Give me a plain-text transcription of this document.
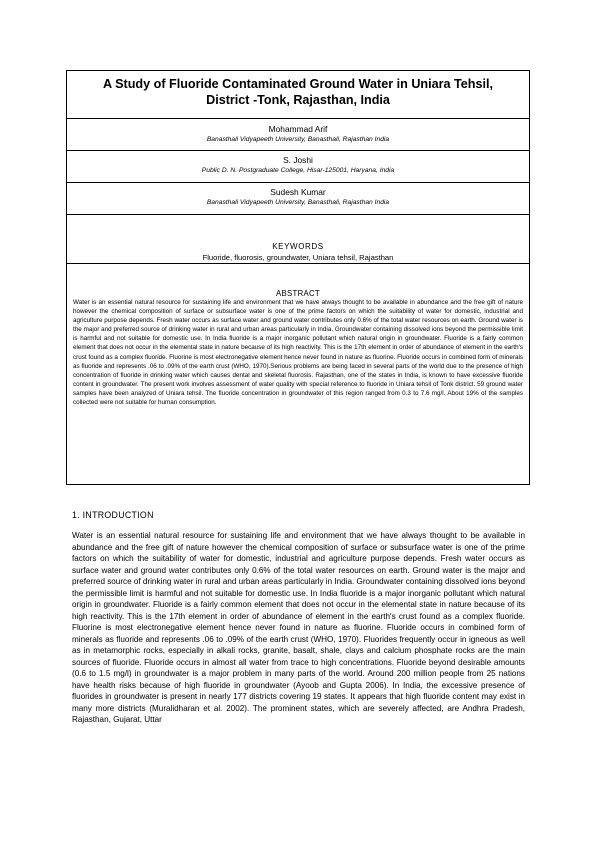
A Study of Fluoride Contaminated Ground Water in Uniara Tehsil,
District -Tonk, Rajasthan, India
Mohammad Arif
Banasthali Vidyapeeth University, Banasthali, Rajasthan India
S. Joshi
Public D. N. Postgraduate College, Hisar-125001, Haryana, India
Sudesh Kumar
Banasthali Vidyapeeth University, Banasthali, Rajasthan India
KEYWORDS
Fluoride, fluorosis, groundwater, Uniara tehsil, Rajasthan
ABSTRACT

Water is an essential natural resource for sustaining life and environment that we have always thought to be available in abundance and the free gift of nature however the chemical composition of surface or subsurface water is one of the prime factors on which the suitability of water for domestic, industrial and agriculture purpose depends. Fresh water occurs as surface water and ground water contributes only 0.6% of the total water resources on earth. Ground water is the major and preferred source of drinking water in rural and urban areas particularly in India. Groundwater containing dissolved ions beyond the permissible limit is harmful and not suitable for domestic use. In India fluoride is a major inorganic pollutant which natural origin in groundwater. Fluoride is a fairly common element that does not occur in the elemental state in nature because of its high reactivity. This is the 17th element in order of abundance of element in the earth's crust found as a complex fluoride. Fluorine is most electronegative element hence never found in nature as fluorine. Fluoride occurs in combined form of minerals as fluoride and represents .06 to .09% of the earth crust (WHO, 1970).Serious problems are being faced in several parts of the world due to the presence of high concentration of fluoride in drinking water which causes dental and skeletal fluorosis. Rajasthan, one of the states in India, is known to have excessive fluoride content in groundwater. The present work involves assessment of water quality with special reference to fluoride in Uniara tehsil of Tonk district. 59 ground water samples have been analyzed of Uniara tehsil. The fluoride concentration in groundwater of this region ranged from 0.3 to 7.6 mg/l. About 19% of the samples collected were not suitable for human consumption.

1. INTRODUCTION

Water is an essential natural resource for sustaining life and environment that we have always thought to be available in abundance and the free gift of nature however the chemical composition of surface or subsurface water is one of the prime factors on which the suitability of water for domestic, industrial and agriculture purpose depends. Fresh water occurs as surface water and ground water contributes only 0.6% of the total water resources on earth. Ground water is the major and preferred source of drinking water in rural and urban areas particularly in India. Groundwater containing dissolved ions beyond the permissible limit is harmful and not suitable for domestic use. In India fluoride is a major inorganic pollutant which natural origin in groundwater. Fluoride is a fairly common element that does not occur in the elemental state in nature because of its high reactivity. This is the 17th element in order of abundance of element in the earth's crust found as a complex fluoride. Fluorine is most electronegative element hence never found in nature as fluorine. Fluoride occurs in combined form of minerals as fluoride and represents .06 to .09% of the earth crust (WHO, 1970). Fluorides frequently occur in igneous as well as in metamorphic rocks, especially in alkali rocks, granite, basalt, shale, clays and calcium phosphate rocks are the main sources of fluoride. Fluoride occurs in almost all water from trace to high concentrations. Fluoride beyond desirable amounts (0.6 to 1.5 mg/l) in groundwater is a major problem in many parts of the world. Around 200 million people from 25 nations have health risks because of high fluoride in groundwater (Ayoob and Gupta 2006). In India, the excessive presence of fluorides in groundwater is present in nearly 177 districts covering 19 states. It appears that high fluoride content may exist in many more districts (Muralidharan et al. 2002). The prominent states, which are severely affected, are Andhra Pradesh, Rajasthan, Gujarat, Uttar
